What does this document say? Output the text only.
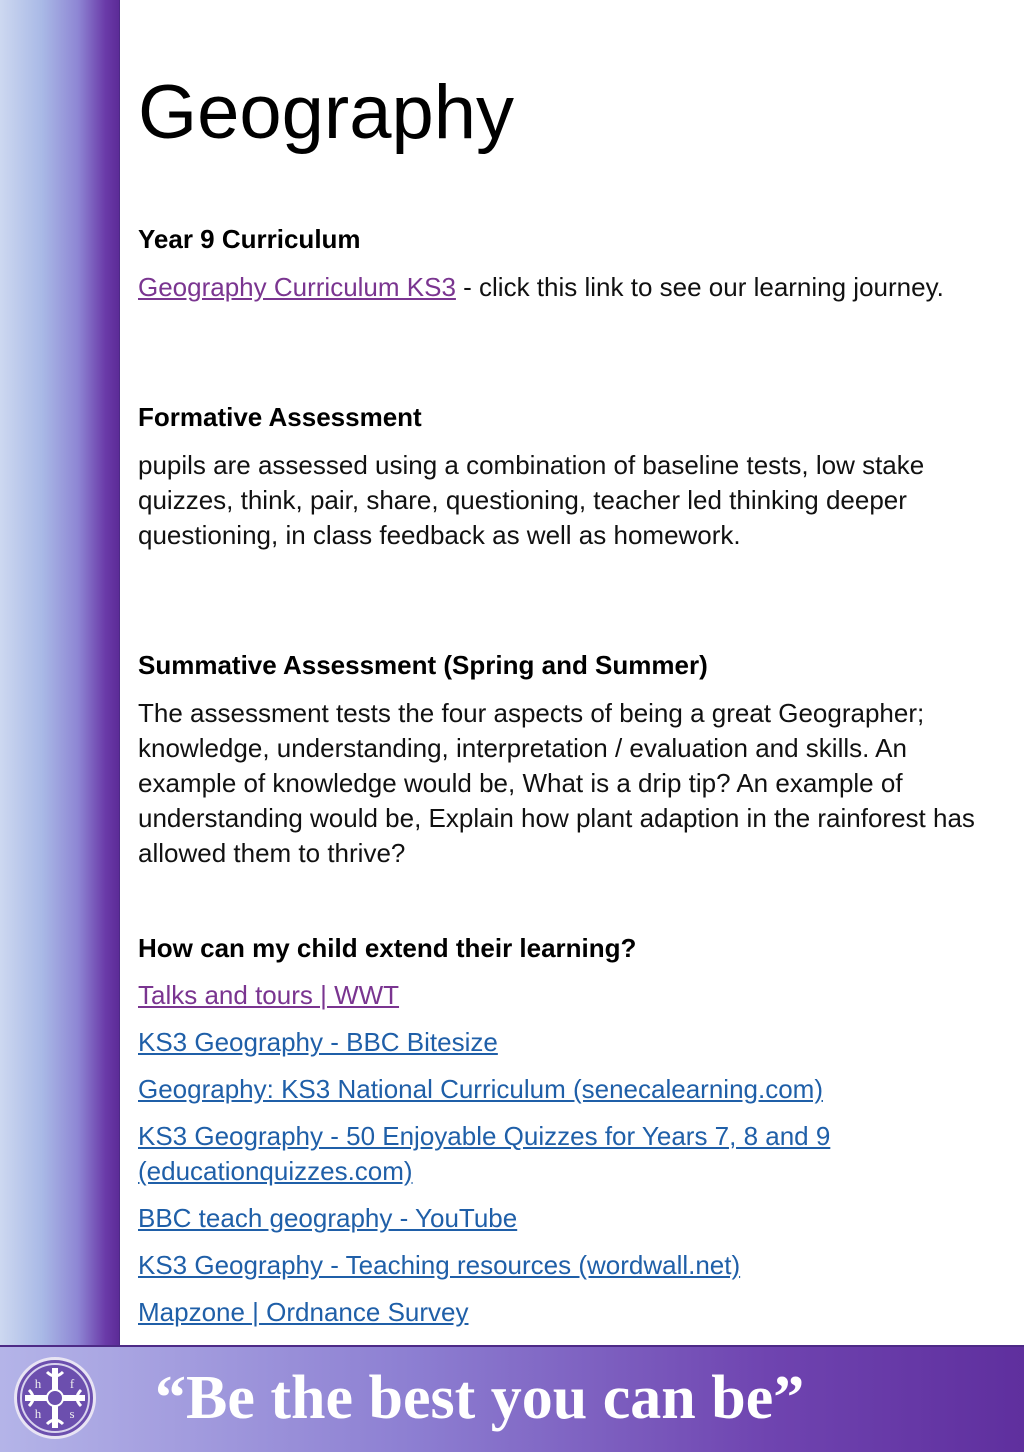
Geography
Year 9 Curriculum

Geography Curriculum KS3 - click this link to see our learning journey.

Formative Assessment

pupils are assessed using a combination of baseline tests, low stake quizzes, think, pair, share, questioning, teacher led thinking deeper questioning, in class feedback as well as homework.

Summative Assessment (Spring and Summer)

The assessment tests the four aspects of being a great Geographer; knowledge, understanding, interpretation / evaluation and skills. An example of knowledge would be, What is a drip tip? An example of understanding would be, Explain how plant adaption in the rainforest has allowed them to thrive?

How can my child extend their learning?
Talks and tours | WWT
KS3 Geography - BBC Bitesize
Geography: KS3 National Curriculum (senecalearning.com)
KS3 Geography - 50 Enjoyable Quizzes for Years 7, 8 and 9 (educationquizzes.com)
BBC teach geography - YouTube
KS3 Geography - Teaching resources (wordwall.net)
Mapzone | Ordnance Survey
h f
h s “Be the best you can be”
